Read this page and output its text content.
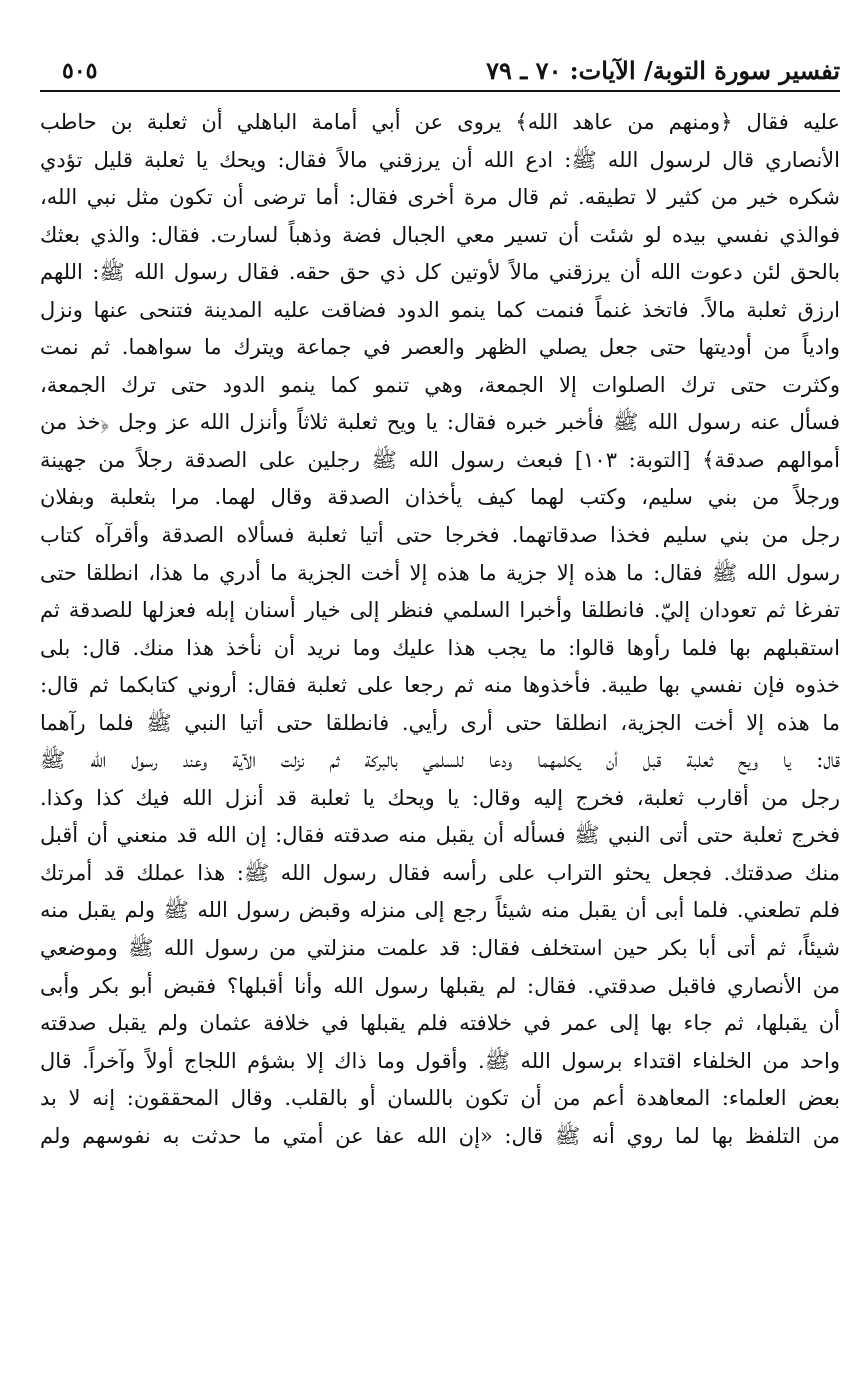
تفسير سورة التوبة/ الآيات: ٧٠ ـ ٧٩
٥٠٥
عليه فقال ﴿ومنهم من عاهد الله﴾ يروى عن أبي أمامة الباهلي أن ثعلبة بن حاطب
الأنصاري قال لرسول الله ﷺ: ادع الله أن يرزقني مالاً فقال: ويحك يا ثعلبة قليل تؤدي
شكره خير من كثير لا تطيقه. ثم قال مرة أخرى فقال: أما ترضى أن تكون مثل نبي الله،
فوالذي نفسي بيده لو شئت أن تسير معي الجبال فضة وذهباً لسارت. فقال: والذي بعثك
بالحق لئن دعوت الله أن يرزقني مالاً لأوتين كل ذي حق حقه. فقال رسول الله ﷺ: اللهم
ارزق ثعلبة مالاً. فاتخذ غنماً فنمت كما ينمو الدود فضاقت عليه المدينة فتنحى عنها ونزل
وادياً من أوديتها حتى جعل يصلي الظهر والعصر في جماعة ويترك ما سواهما. ثم نمت
وكثرت حتى ترك الصلوات إلا الجمعة، وهي تنمو كما ينمو الدود حتى ترك الجمعة،
فسأل عنه رسول الله ﷺ فأخبر خبره فقال: يا ويح ثعلبة ثلاثاً وأنزل الله عز وجل ﴿خذ من
أموالهم صدقة﴾ [التوبة: ١٠٣] فبعث رسول الله ﷺ رجلين على الصدقة رجلاً من جهينة
ورجلاً من بني سليم، وكتب لهما كيف يأخذان الصدقة وقال لهما. مرا بثعلبة وبفلان
رجل من بني سليم فخذا صدقاتهما. فخرجا حتى أتيا ثعلبة فسألاه الصدقة وأقرآه كتاب
رسول الله ﷺ فقال: ما هذه إلا جزية ما هذه إلا أخت الجزية ما أدري ما هذا، انطلقا حتى
تفرغا ثم تعودان إليّ. فانطلقا وأخبرا السلمي فنظر إلى خيار أسنان إبله فعزلها للصدقة ثم
استقبلهم بها فلما رأوها قالوا: ما يجب هذا عليك وما نريد أن نأخذ هذا منك. قال: بلى
خذوه فإن نفسي بها طيبة. فأخذوها منه ثم رجعا على ثعلبة فقال: أروني كتابكما ثم قال:
ما هذه إلا أخت الجزية، انطلقا حتى أرى رأيي. فانطلقا حتى أتيا النبي ﷺ فلما رآهما
قال: يا ويح ثعلبة قبل أن يكلمهما ودعا للسلمي بالبركة ثم نزلت الآية وعند رسول الله ﷺ
رجل من أقارب ثعلبة، فخرج إليه وقال: يا ويحك يا ثعلبة قد أنزل الله فيك كذا وكذا.
فخرج ثعلبة حتى أتى النبي ﷺ فسأله أن يقبل منه صدقته فقال: إن الله قد منعني أن أقبل
منك صدقتك. فجعل يحثو التراب على رأسه فقال رسول الله ﷺ: هذا عملك قد أمرتك
فلم تطعني. فلما أبى أن يقبل منه شيئاً رجع إلى منزله وقبض رسول الله ﷺ ولم يقبل منه
شيئاً، ثم أتى أبا بكر حين استخلف فقال: قد علمت منزلتي من رسول الله ﷺ وموضعي
من الأنصاري فاقبل صدقتي. فقال: لم يقبلها رسول الله وأنا أقبلها؟ فقبض أبو بكر وأبى
أن يقبلها، ثم جاء بها إلى عمر في خلافته فلم يقبلها في خلافة عثمان ولم يقبل صدقته
واحد من الخلفاء اقتداء برسول الله ﷺ. وأقول وما ذاك إلا بشؤم اللجاج أولاً وآخراً. قال
بعض العلماء: المعاهدة أعم من أن تكون باللسان أو بالقلب. وقال المحققون: إنه لا بد
من التلفظ بها لما روي أنه ﷺ قال: «إن الله عفا عن أمتي ما حدثت به نفوسهم ولم
